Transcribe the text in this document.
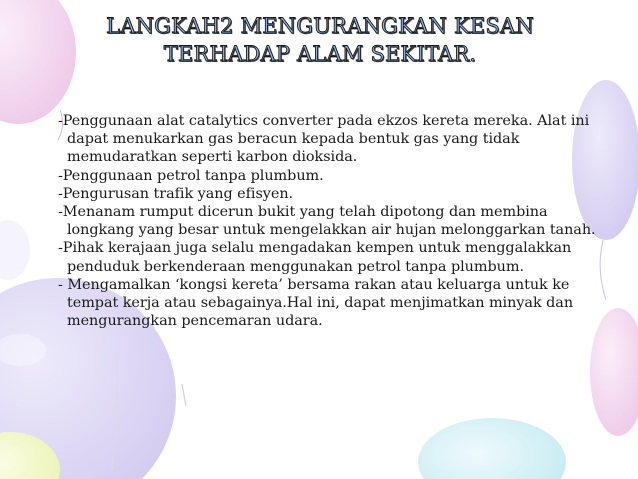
LANGKAH2 MENGURANGKAN KESAN
TERHADAP ALAM SEKITAR.

-Penggunaan alat catalytics converter pada ekzos kereta mereka. Alat ini dapat menukarkan gas beracun kepada bentuk gas yang tidak memudaratkan seperti karbon dioksida.

-Penggunaan petrol tanpa plumbum.

-Pengurusan trafik yang efisyen.

-Menanam rumput dicerun bukit yang telah dipotong dan membina longkang yang besar untuk mengelakkan air hujan melonggarkan tanah.

-Pihak kerajaan juga selalu mengadakan kempen untuk menggalakkan penduduk berkenderaan menggunakan petrol tanpa plumbum.

- Mengamalkan ‘kongsi kereta’ bersama rakan atau keluarga untuk ke tempat kerja atau sebagainya.Hal ini, dapat menjimatkan minyak dan mengurangkan pencemaran udara.
